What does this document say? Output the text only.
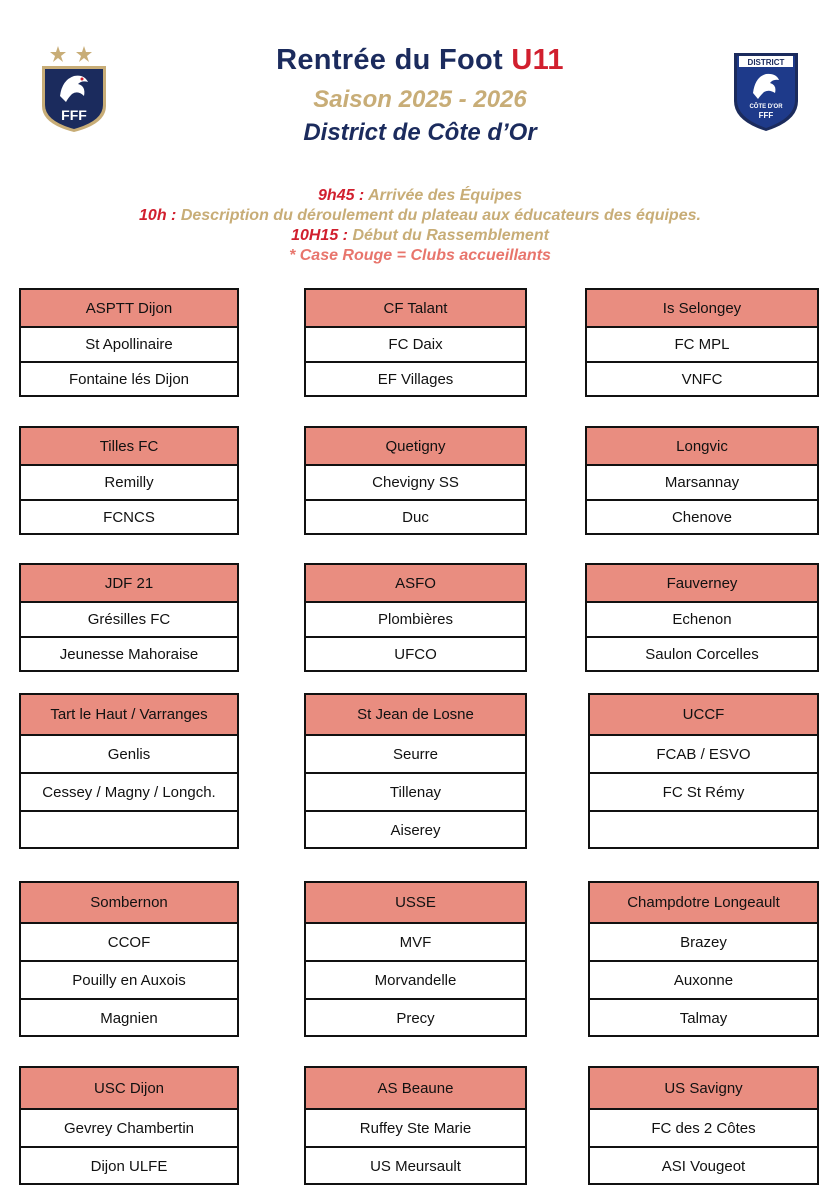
FFF
DISTRICT
CÔTE D'OR
FFF
Rentrée du Foot U11
Saison 2025 - 2026
District de Côte d’Or
9h45 : Arrivée des Équipes
10h : Description du déroulement du plateau aux éducateurs des équipes.
10H15 : Début du Rassemblement
* Case Rouge = Clubs accueillants
ASPTT Dijon
St Apollinaire
Fontaine lés Dijon
CF Talant
FC Daix
EF Villages
Is Selongey
FC MPL
VNFC
Tilles FC
Remilly
FCNCS
Quetigny
Chevigny SS
Duc
Longvic
Marsannay
Chenove
JDF 21
Grésilles FC
Jeunesse Mahoraise
ASFO
Plombières
UFCO
Fauverney
Echenon
Saulon Corcelles
Tart le Haut / Varranges
Genlis
Cessey / Magny / Longch.
St Jean de Losne
Seurre
Tillenay
Aiserey
UCCF
FCAB / ESVO
FC St Rémy
Sombernon
CCOF
Pouilly en Auxois
Magnien
USSE
MVF
Morvandelle
Precy
Champdotre Longeault
Brazey
Auxonne
Talmay
USC Dijon
Gevrey Chambertin
Dijon ULFE
AS Beaune
Ruffey Ste Marie
US Meursault
US Savigny
FC des 2 Côtes
ASI Vougeot
